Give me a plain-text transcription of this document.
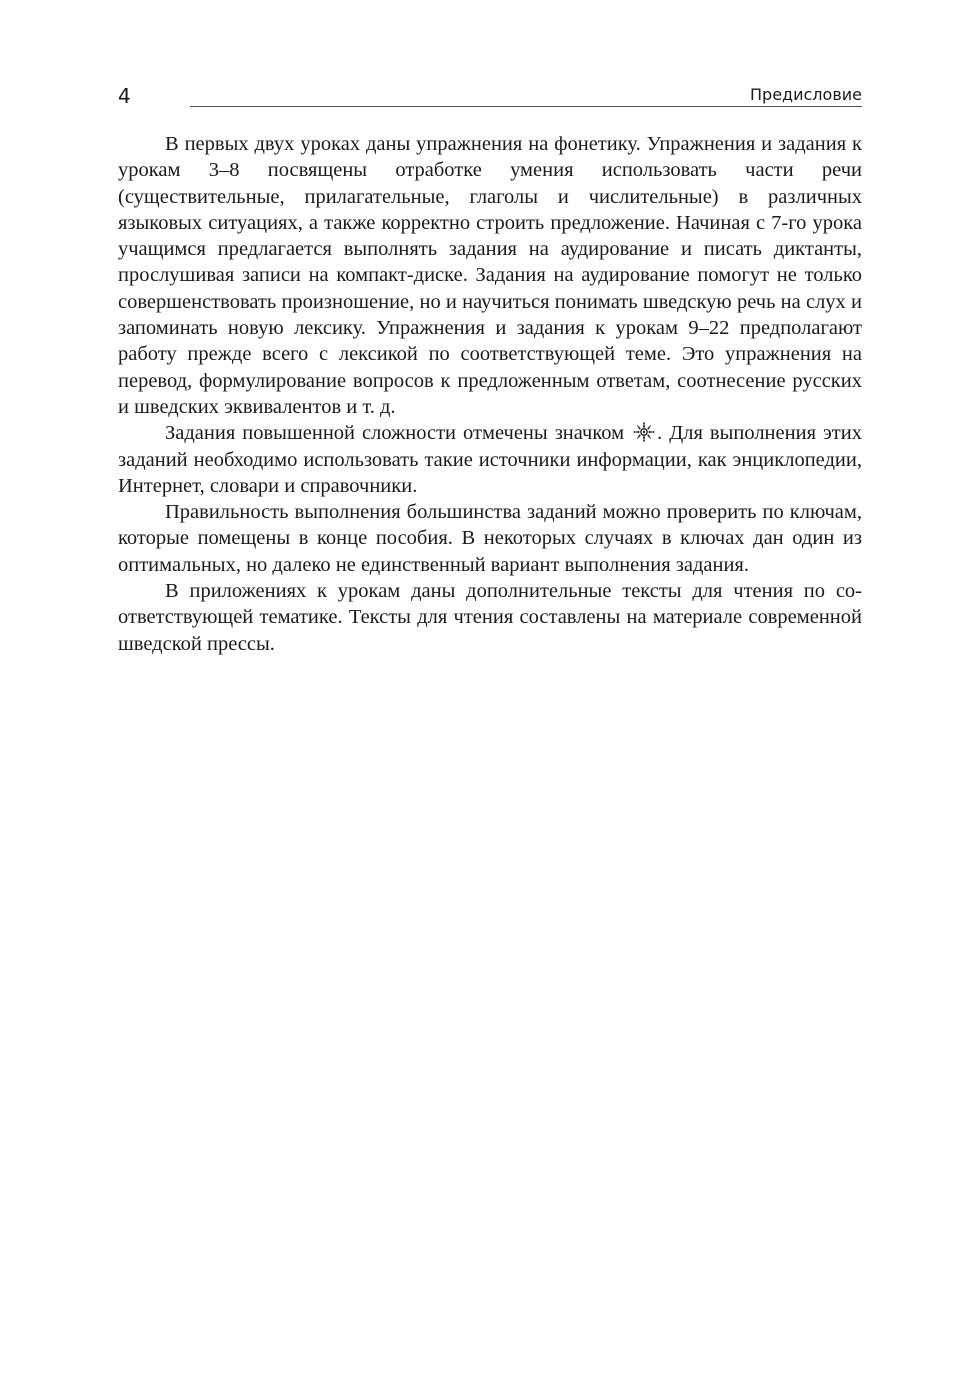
4	Предисловие

В первых двух уроках даны упражнения на фонетику. Упражнения и задания к урокам 3–8 посвящены отработке умения использовать части речи (существительные, прилагательные, глаголы и числительные) в различных языковых ситуациях, а также корректно строить предложение. Начиная с 7-го урока учащимся предлагается выполнять задания на аудирование и писать диктанты, прослушивая записи на компакт-диске. Задания на аудирование помогут не только совершенствовать произношение, но и научиться понимать шведскую речь на слух и запоминать новую лексику. Упражнения и задания к урокам 9–22 предполагают работу прежде всего с лексикой по соответствующей теме. Это упражнения на перевод, формулирование вопросов к предложенным ответам, соотнесение русских и шведских эквивалентов и т. д.

Задания повышенной сложности отмечены значком
. Для выполнения этих заданий необходимо использовать такие источники информации, как энциклопедии, Интернет, словари и справочники.

Правильность выполнения большинства заданий можно проверить по ключам, которые помещены в конце пособия. В некоторых случаях в ключах дан один из оптимальных, но далеко не единственный вариант выполнения задания.

В приложениях к урокам даны дополнительные тексты для чтения по соответствующей тематике. Тексты для чтения составлены на материале современной шведской прессы.
